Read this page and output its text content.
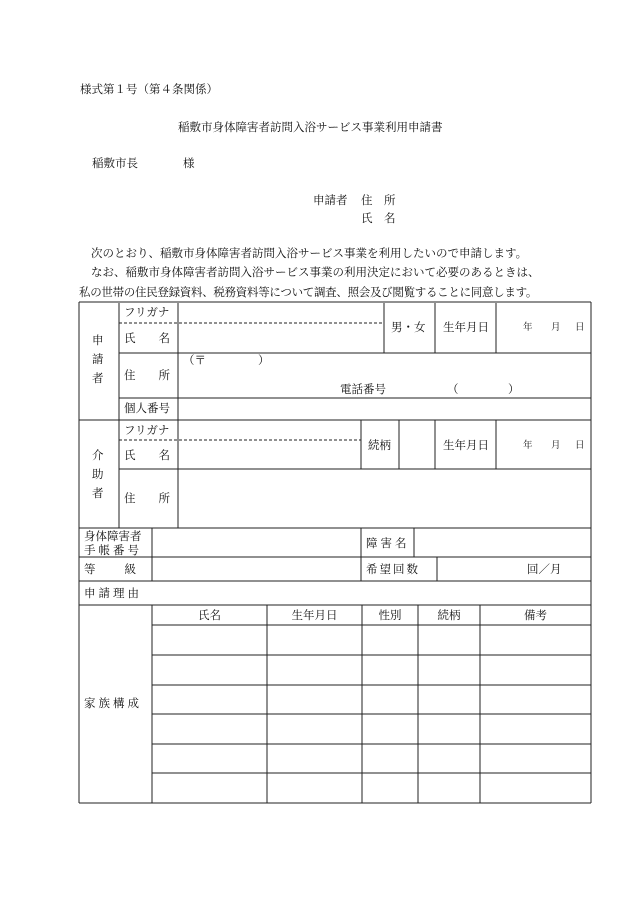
様式第１号（第４条関係）
稲敷市身体障害者訪問入浴サービス事業利用申請書
稲敷市長	様
申請者 住　所
氏　名
次のとおり、稲敷市身体障害者訪問入浴サービス事業を利用したいので申請します。
なお、稲敷市身体障害者訪問入浴サービス事業の利用決定において必要のあるときは、
私の世帯の住民登録資料、税務資料等について調査、照会及び閲覧することに同意します。
申
請
者
フリガナ
氏　　名
男・女 生年月日	年 月 日
住　　所
（〒	）
電話番号	（	）
個人番号
介
助
者
フリガナ
氏　　名
続柄	生年月日	年 月 日
住　　所
身体障害者
手帳番号	障害名
等　　級	希望回数	回／月
申請理由
家族構成
氏名	生年月日	性別	続柄	備考
